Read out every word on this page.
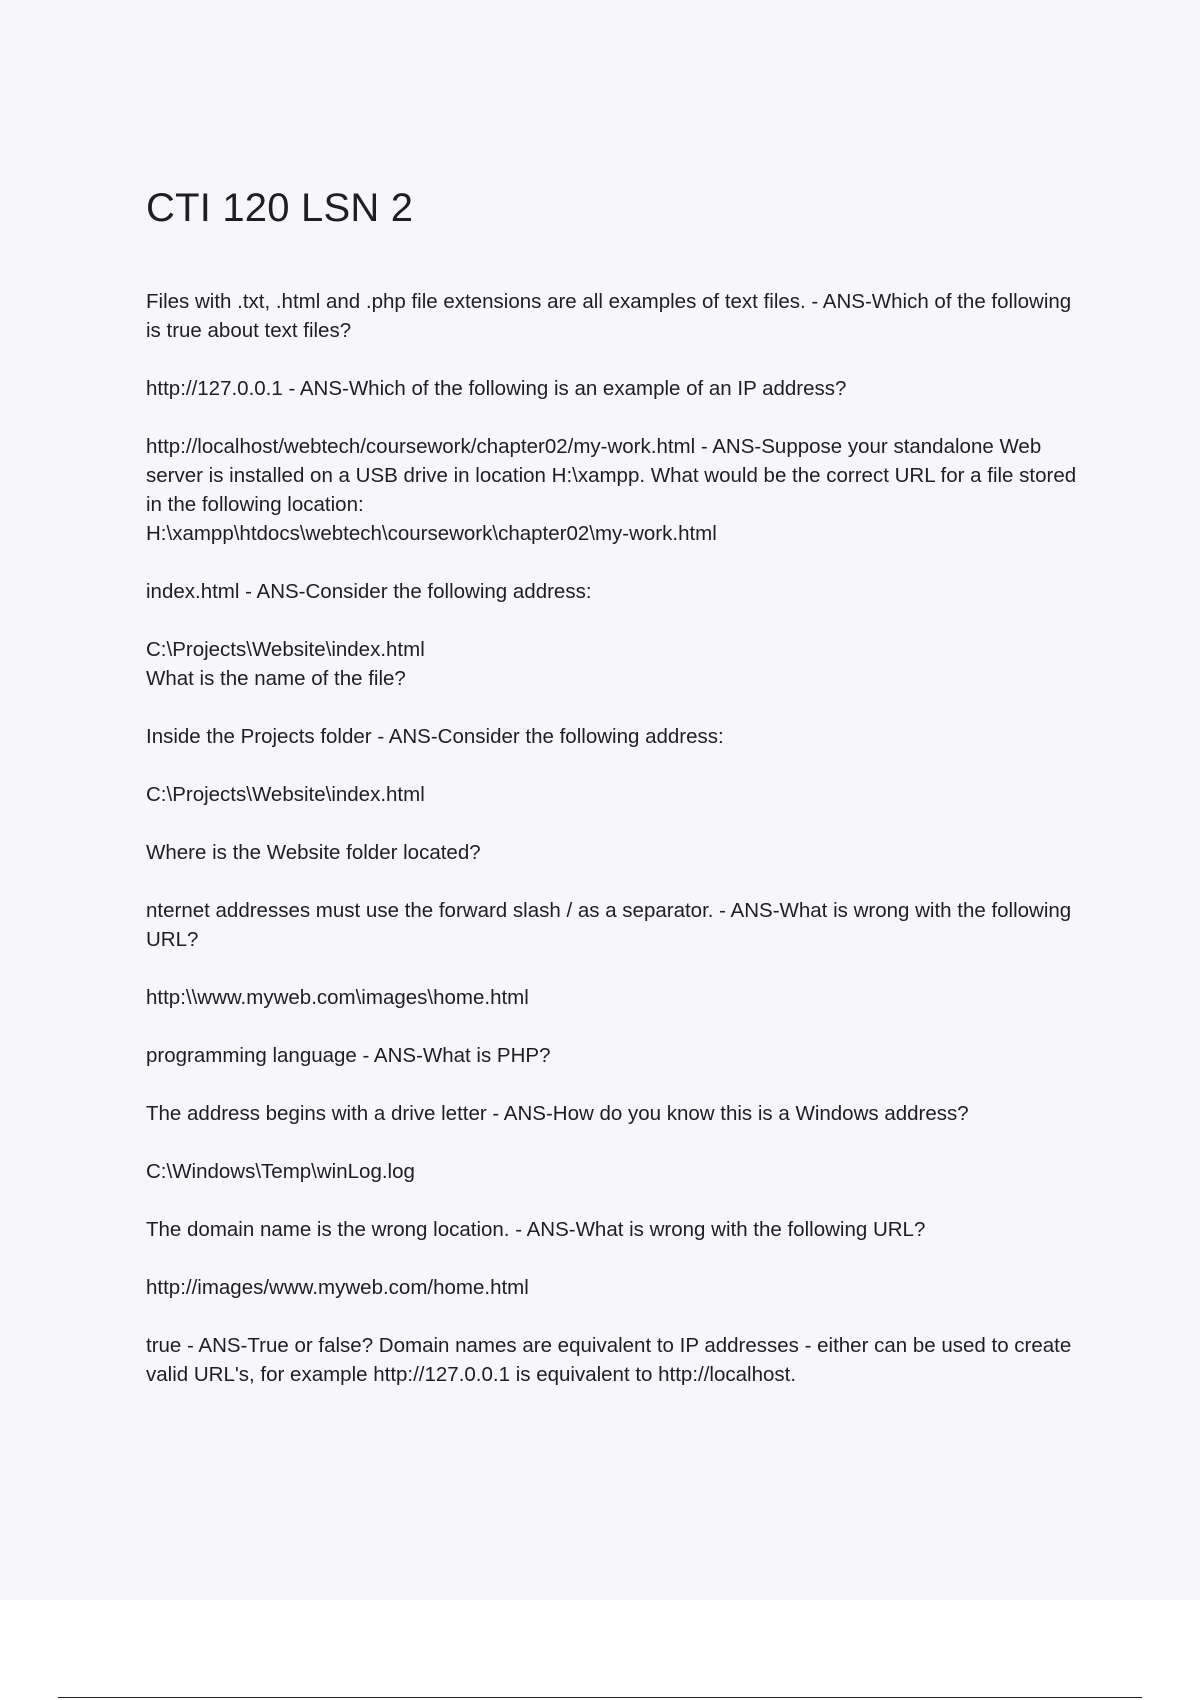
CTI 120 LSN 2

Files with .txt, .html and .php file extensions are all examples of text files. - ANS-Which of the following is true about text files?

http://127.0.0.1 - ANS-Which of the following is an example of an IP address?

http://localhost/webtech/coursework/chapter02/my-work.html - ANS-Suppose your standalone Web server is installed on a USB drive in location H:\xampp. What would be the correct URL for a file stored in the following location:
H:\xampp\htdocs\webtech\coursework\chapter02\my-work.html

index.html - ANS-Consider the following address:

C:\Projects\Website\index.html
What is the name of the file?

Inside the Projects folder - ANS-Consider the following address:

C:\Projects\Website\index.html

Where is the Website folder located?

nternet addresses must use the forward slash / as a separator. - ANS-What is wrong with the following URL?

http:\\www.myweb.com\images\home.html

programming language - ANS-What is PHP?

The address begins with a drive letter - ANS-How do you know this is a Windows address?

C:\Windows\Temp\winLog.log

The domain name is the wrong location. - ANS-What is wrong with the following URL?

http://images/www.myweb.com/home.html

true - ANS-True or false? Domain names are equivalent to IP addresses - either can be used to create valid URL's, for example http://127.0.0.1 is equivalent to http://localhost.
